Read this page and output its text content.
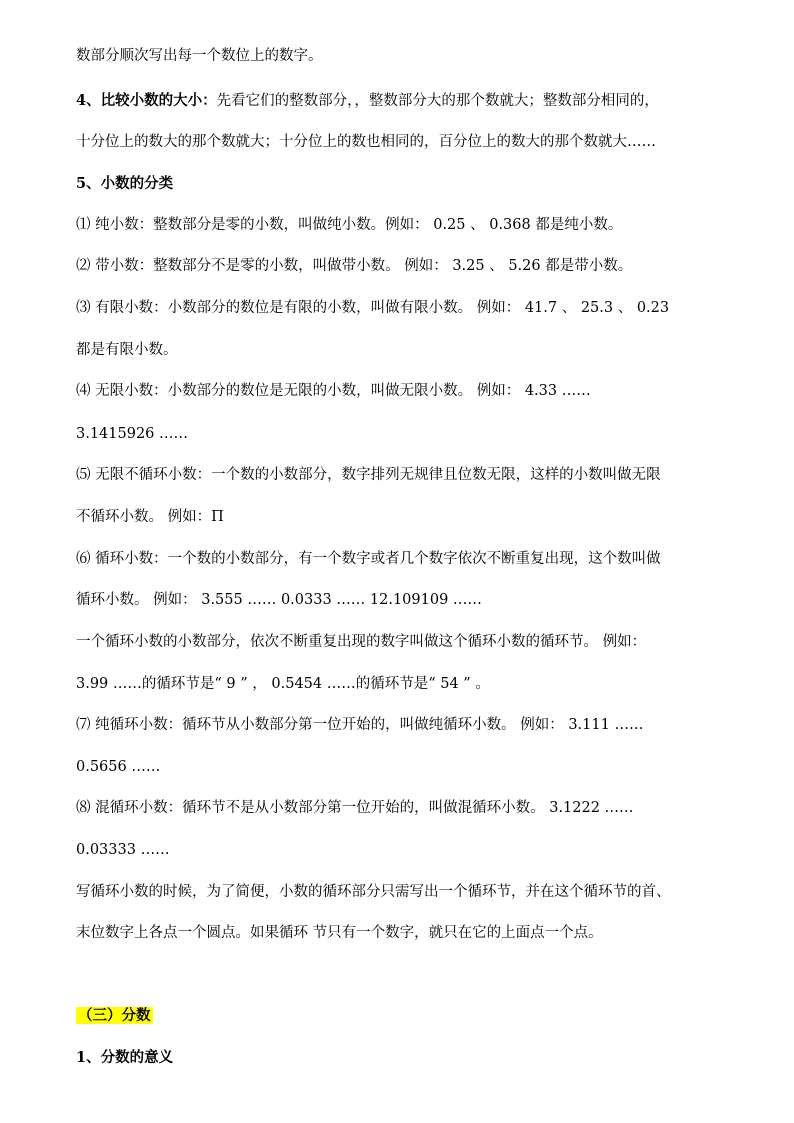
数部分顺次写出每一个数位上的数字。
4、比较小数的大小：先看它们的整数部分，，整数部分大的那个数就大；整数部分相同的，
十分位上的数大的那个数就大；十分位上的数也相同的，百分位上的数大的那个数就大……
5、小数的分类
⑴ 纯小数：整数部分是零的小数，叫做纯小数。例如： 0.25 、 0.368 都是纯小数。
⑵ 带小数：整数部分不是零的小数，叫做带小数。 例如： 3.25 、 5.26 都是带小数。
⑶ 有限小数：小数部分的数位是有限的小数，叫做有限小数。 例如： 41.7 、 25.3 、 0.23
都是有限小数。
⑷ 无限小数：小数部分的数位是无限的小数，叫做无限小数。 例如： 4.33 ……
3.1415926 ……
⑸ 无限不循环小数：一个数的小数部分，数字排列无规律且位数无限，这样的小数叫做无限
不循环小数。 例如：Π
⑹ 循环小数：一个数的小数部分，有一个数字或者几个数字依次不断重复出现，这个数叫做
循环小数。 例如： 3.555 …… 0.0333 …… 12.109109 ……
一个循环小数的小数部分，依次不断重复出现的数字叫做这个循环小数的循环节。 例如：
3.99 ……的循环节是“ 9 ” ， 0.5454 ……的循环节是“ 54 ” 。
⑺ 纯循环小数：循环节从小数部分第一位开始的，叫做纯循环小数。 例如： 3.111 ……
0.5656 ……
⑻ 混循环小数：循环节不是从小数部分第一位开始的，叫做混循环小数。 3.1222 ……
0.03333 ……
写循环小数的时候，为了简便，小数的循环部分只需写出一个循环节，并在这个循环节的首、
末位数字上各点一个圆点。如果循环 节只有一个数字，就只在它的上面点一个点。
（三）分数
1、分数的意义
